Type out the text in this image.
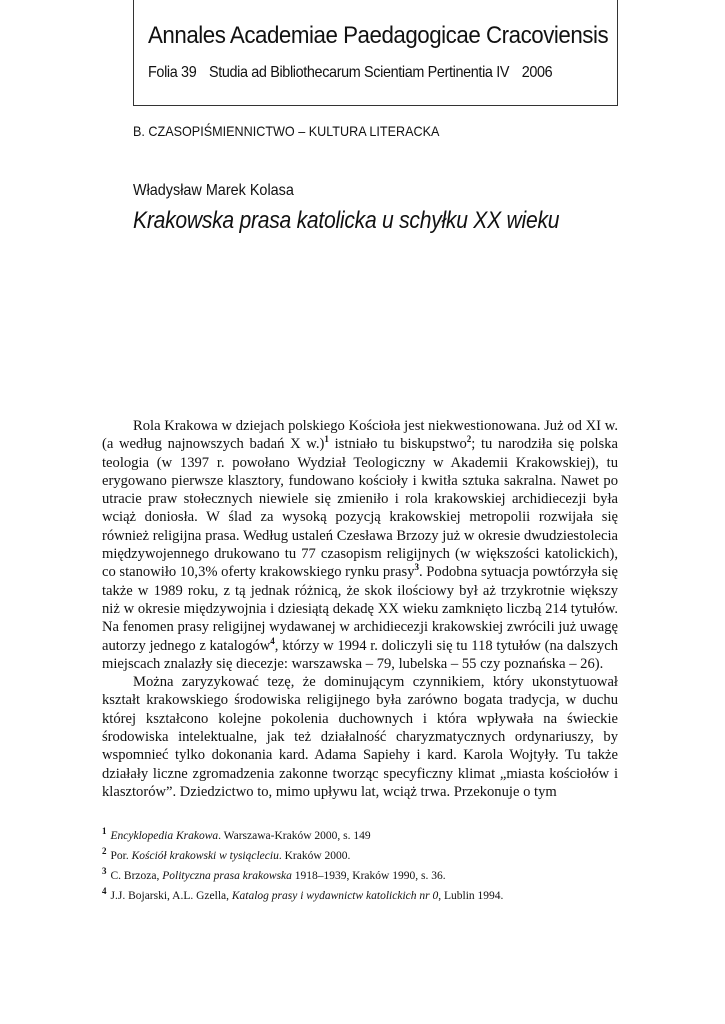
Annales Academiae Paedagogicae Cracoviensis
Folia 39 Studia ad Bibliothecarum Scientiam Pertinentia IV 2006
B. CZASOPIŚMIENNICTWO – KULTURA LITERACKA
Władysław Marek Kolasa
Krakowska prasa katolicka u schyłku XX wieku

Rola Krakowa w dziejach polskiego Kościoła jest niekwestionowana. Już od XI w. (a według najnowszych badań X w.)$^1$ istniało tu biskupstwo$^2$; tu narodziła się polska teologia (w 1397 r. powołano Wydział Teologiczny w Akademii Krakowskiej), tu erygowano pierwsze klasztory, fundowano kościoły i kwitła sztuka sakralna. Nawet po utracie praw stołecznych niewiele się zmieniło i rola krakowskiej archidiecezji była wciąż doniosła. W ślad za wysoką pozycją krakowskiej metropolii rozwijała się również religijna prasa. Według ustaleń Czesława Brzozy już w okresie dwudziestolecia międzywojennego drukowano tu 77 czasopism religijnych (w większości katolickich), co stanowiło 10,3% oferty krakowskiego rynku prasy$^3$. Podobna sytuacja powtórzyła się także w 1989 roku, z tą jednak różnicą, że skok ilościowy był aż trzykrotnie większy niż w okresie międzywojnia i dziesiątą dekadę XX wieku zamknięto liczbą 214 tytułów. Na fenomen prasy religijnej wydawanej w archidiecezji krakowskiej zwrócili już uwagę autorzy jednego z katalogów$^4$, którzy w 1994 r. doliczyli się tu 118 tytułów (na dalszych miejscach znalazły się diecezje: warszawska – 79, lubelska – 55 czy poznańska – 26).

Można zaryzykować tezę, że dominującym czynnikiem, który ukonstytuował kształt krakowskiego środowiska religijnego była zarówno bogata tradycja, w duchu której kształcono kolejne pokolenia duchownych i która wpływała na świeckie środowiska intelektualne, jak też działalność charyzmatycznych ordynariuszy, by wspomnieć tylko dokonania kard. Adama Sapiehy i kard. Karola Wojtyły. Tu także działały liczne zgromadzenia zakonne tworząc specyficzny klimat „miasta kościołów i klasztorów”. Dziedzictwo to, mimo upływu lat, wciąż trwa. Przekonuje o tym

$^1$ Encyklopedia Krakowa. Warszawa-Kraków 2000, s. 149

$^2$ Por. Kościół krakowski w tysiącleciu. Kraków 2000.

$^3$ C. Brzoza, Polityczna prasa krakowska 1918–1939, Kraków 1990, s. 36.

$^4$ J.J. Bojarski, A.L. Gzella, Katalog prasy i wydawnictw katolickich nr 0, Lublin 1994.
